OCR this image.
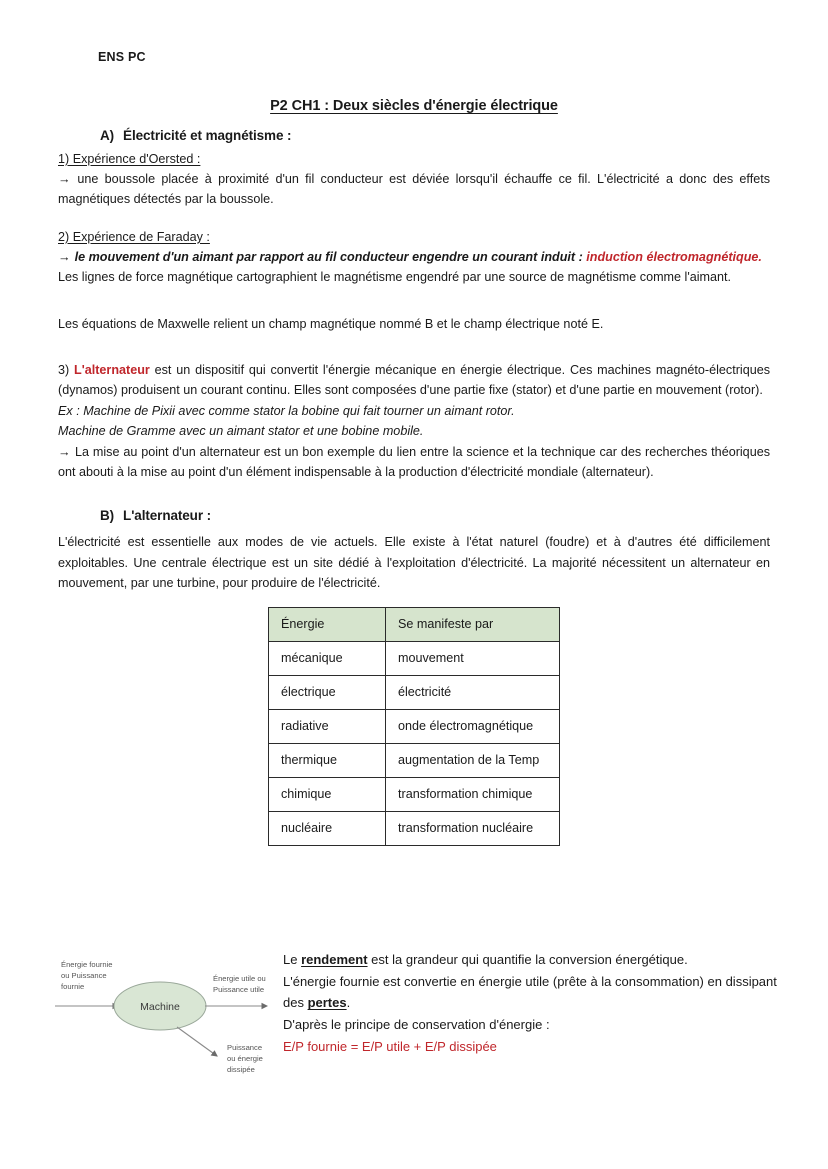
ENS PC
P2 CH1 : Deux siècles d'énergie électrique
A) Électricité et magnétisme :
1) Expérience d'Oersted :

→ une boussole placée à proximité d'un fil conducteur est déviée lorsqu'il échauffe ce fil. L'électricité a donc des effets magnétiques détectés par la boussole.

2) Expérience de Faraday :

→ le mouvement d'un aimant par rapport au fil conducteur engendre un courant induit : induction électromagnétique.

Les lignes de force magnétique cartographient le magnétisme engendré par une source de magnétisme comme l'aimant.

Les équations de Maxwelle relient un champ magnétique nommé B et le champ électrique noté E.

3) L'alternateur est un dispositif qui convertit l'énergie mécanique en énergie électrique. Ces machines magnéto-électriques (dynamos) produisent un courant continu. Elles sont composées d'une partie fixe (stator) et d'une partie en mouvement (rotor).

Ex : Machine de Pixii avec comme stator la bobine qui fait tourner un aimant rotor.

Machine de Gramme avec un aimant stator et une bobine mobile.

→ La mise au point d'un alternateur est un bon exemple du lien entre la science et la technique car des recherches théoriques ont abouti à la mise au point d'un élément indispensable à la production d'électricité mondiale (alternateur).

B) L'alternateur :

L'électricité est essentielle aux modes de vie actuels. Elle existe à l'état naturel (foudre) et à d'autres été difficilement exploitables. Une centrale électrique est un site dédié à l'exploitation d'électricité. La majorité nécessitent un alternateur en mouvement, par une turbine, pour produire de l'électricité.

Énergie	Se manifeste par
mécanique	mouvement
électrique	électricité
radiative	onde électromagnétique
thermique	augmentation de la Temp
chimique	transformation chimique
nucléaire	transformation nucléaire
Machine
Énergie fournie
ou Puissance
fournie
Énergie utile ou
Puissance utile
Puissance
ou énergie
dissipée
Le rendement est la grandeur qui quantifie la conversion énergétique.
L'énergie fournie est convertie en énergie utile (prête à la consommation) en dissipant des pertes.
D'après le principe de conservation d'énergie :
E/P fournie = E/P utile + E/P dissipée
